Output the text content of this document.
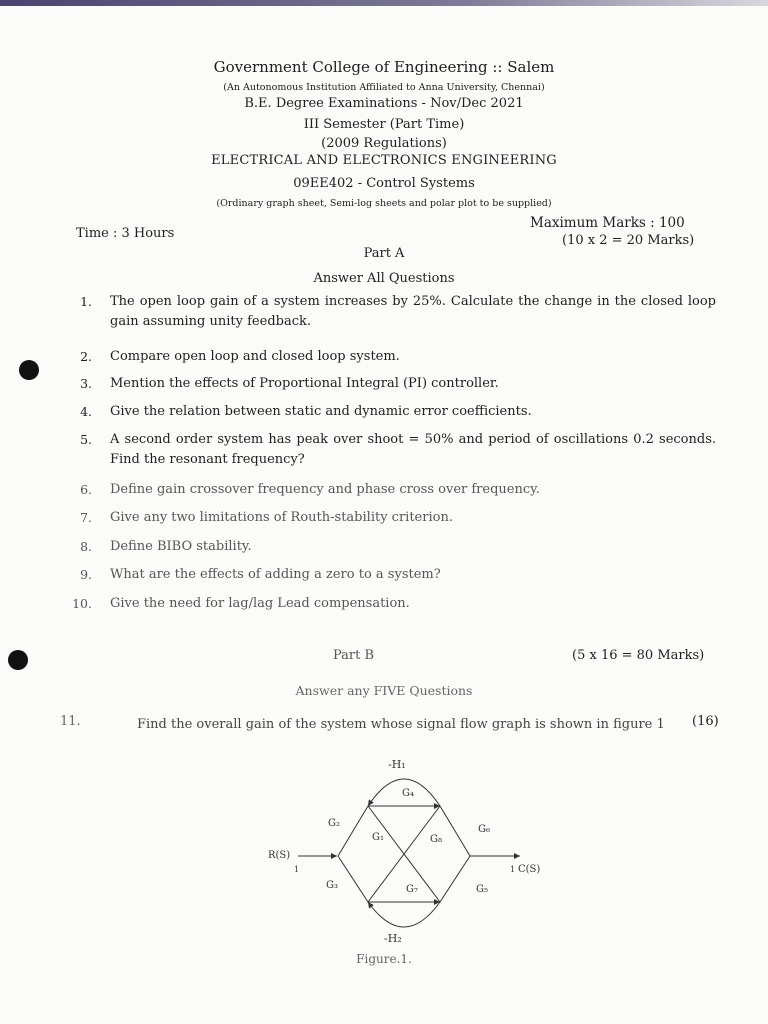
Government College of Engineering :: Salem
(An Autonomous Institution Affiliated to Anna University, Chennai)
B.E. Degree Examinations - Nov/Dec 2021
III Semester (Part Time)
(2009 Regulations)
ELECTRICAL AND ELECTRONICS ENGINEERING
09EE402 - Control Systems
(Ordinary graph sheet, Semi-log sheets and polar plot to be supplied)
Time : 3 Hours
Maximum Marks : 100
(10 x 2 = 20 Marks)
Part A
Answer All Questions
1. The open loop gain of a system increases by 25%. Calculate the change in the closed loop gain assuming unity feedback.
2. Compare open loop and closed loop system.
3. Mention the effects of Proportional Integral (PI) controller.
4. Give the relation between static and dynamic error coefficients.
5. A second order system has peak over shoot = 50% and period of oscillations 0.2 seconds. Find the resonant frequency?
6. Define gain crossover frequency and phase cross over frequency.
7. Give any two limitations of Routh-stability criterion.
8. Define BIBO stability.
9. What are the effects of adding a zero to a system?
10. Give the need for lag/lag Lead compensation.
Part B	(5 x 16 = 80 Marks)
Answer any FIVE Questions
11.	Find the overall gain of the system whose signal flow graph is shown in figure 1	(16)
-H₁
G₄
G₂
G₁	G₈
G₆
R(S)
1	1 C(S)
G₃	G₇	G₅
-H₂
Figure.1.
